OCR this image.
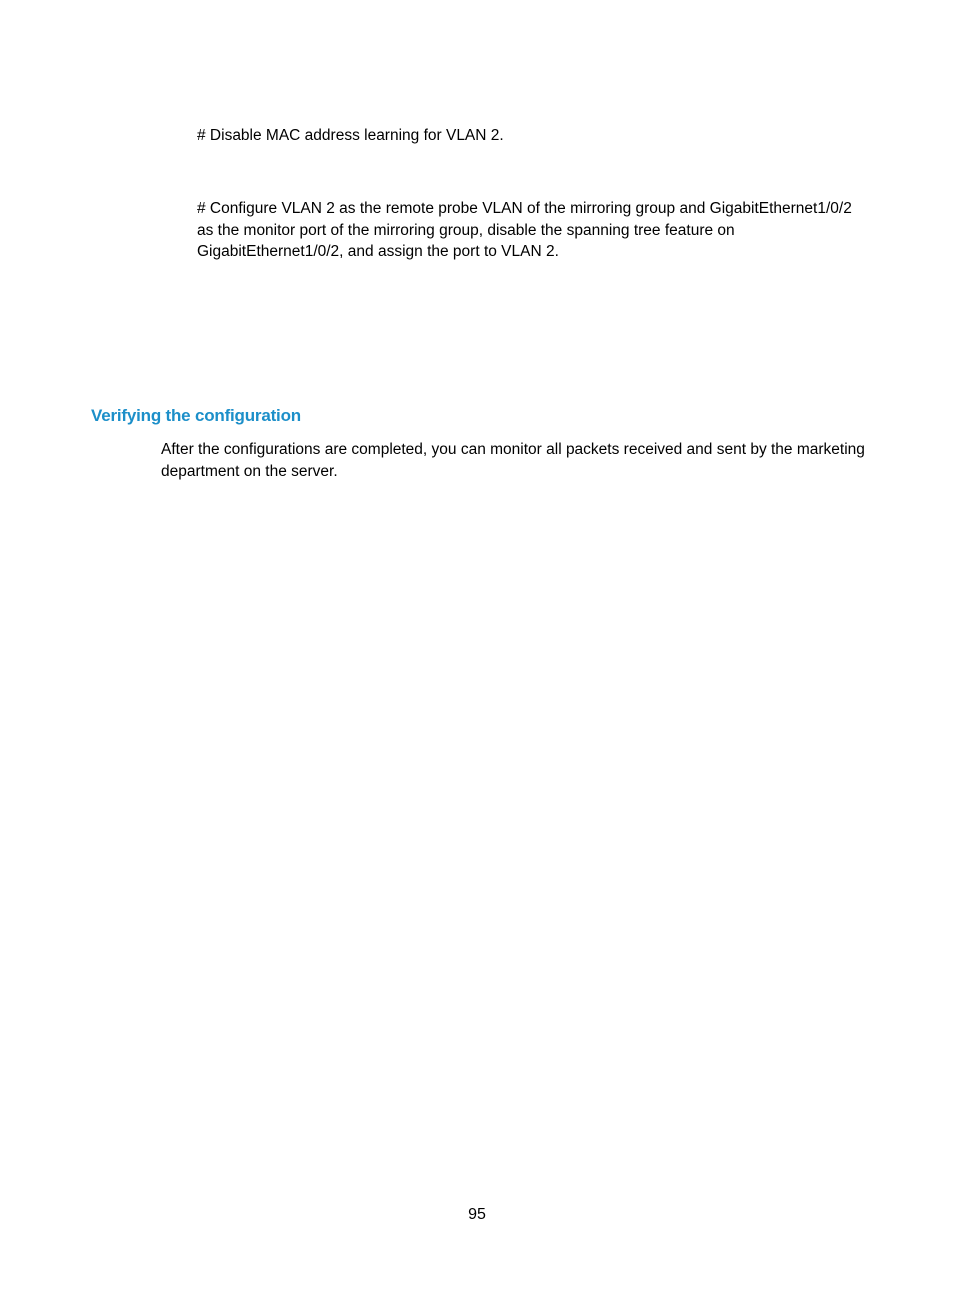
# Disable MAC address learning for VLAN 2.
# Configure VLAN 2 as the remote probe VLAN of the mirroring group and GigabitEthernet1/0/2
as the monitor port of the mirroring group, disable the spanning tree feature on
GigabitEthernet1/0/2, and assign the port to VLAN 2.
Verifying the configuration
After the configurations are completed, you can monitor all packets received and sent by the marketing
department on the server.
95
